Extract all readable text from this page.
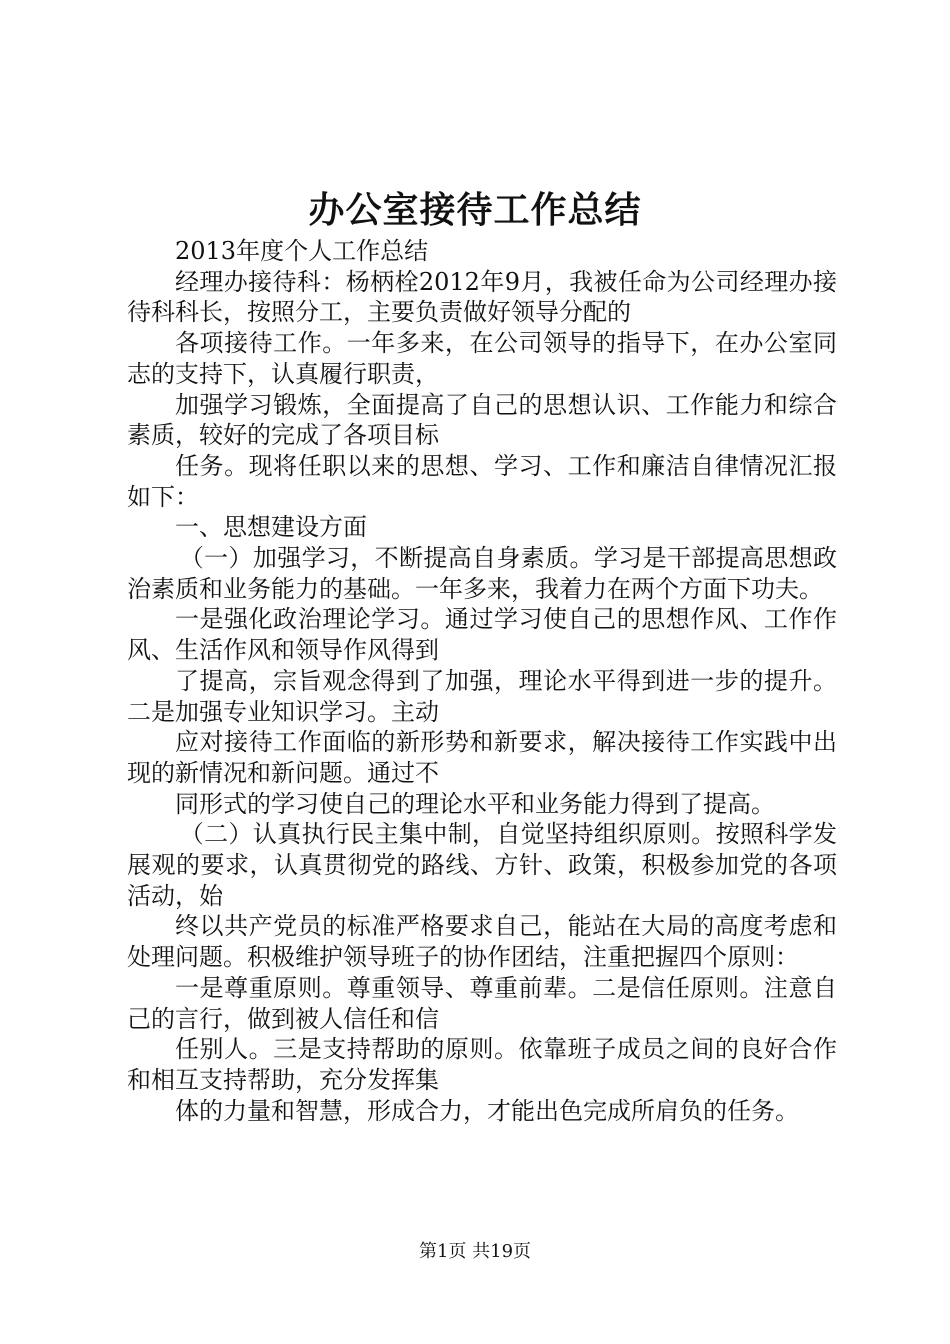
办公室接待工作总结

2013年度个人工作总结

经理办接待科：杨柄栓2012年9月，我被任命为公司经理办接待科科长，按照分工，主要负责做好领导分配的

各项接待工作。一年多来，在公司领导的指导下，在办公室同志的支持下，认真履行职责，

加强学习锻炼，全面提高了自己的思想认识、工作能力和综合素质，较好的完成了各项目标

任务。现将任职以来的思想、学习、工作和廉洁自律情况汇报如下：

一、思想建设方面

（一）加强学习，不断提高自身素质。学习是干部提高思想政治素质和业务能力的基础。一年多来，我着力在两个方面下功夫。

一是强化政治理论学习。通过学习使自己的思想作风、工作作风、生活作风和领导作风得到

了提高，宗旨观念得到了加强，理论水平得到进一步的提升。二是加强专业知识学习。主动

应对接待工作面临的新形势和新要求，解决接待工作实践中出现的新情况和新问题。通过不

同形式的学习使自己的理论水平和业务能力得到了提高。

（二）认真执行民主集中制，自觉坚持组织原则。按照科学发展观的要求，认真贯彻党的路线、方针、政策，积极参加党的各项活动，始

终以共产党员的标准严格要求自己，能站在大局的高度考虑和处理问题。积极维护领导班子的协作团结，注重把握四个原则：

一是尊重原则。尊重领导、尊重前辈。二是信任原则。注意自己的言行，做到被人信任和信

任别人。三是支持帮助的原则。依靠班子成员之间的良好合作和相互支持帮助，充分发挥集

体的力量和智慧，形成合力，才能出色完成所肩负的任务。

第1页 共19页
